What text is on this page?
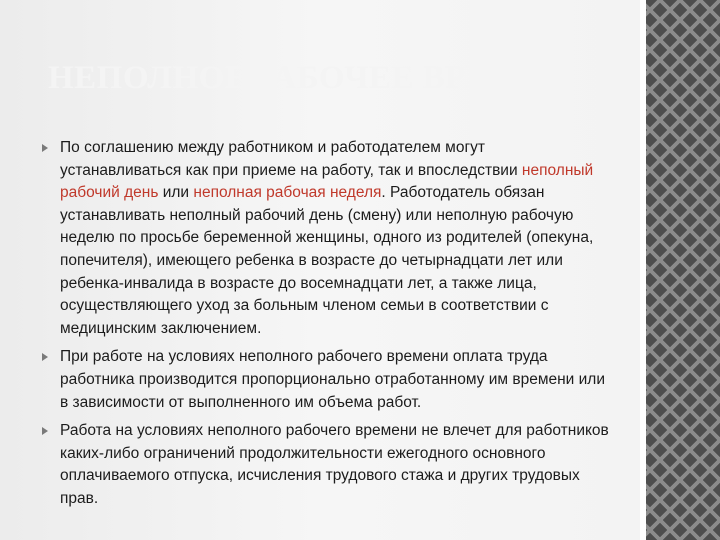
НЕПОЛНОЕ РАБОЧЕЕ ВРЕМЯ
По соглашению между работником и работодателем могут устанавливаться как при приеме на работу, так и впоследствии неполный рабочий день или неполная рабочая неделя. Работодатель обязан устанавливать неполный рабочий день (смену) или неполную рабочую неделю по просьбе беременной женщины, одного из родителей (опекуна, попечителя), имеющего ребенка в возрасте до четырнадцати лет или ребенка-инвалида в возрасте до восемнадцати лет, а также лица, осуществляющего уход за больным членом семьи в соответствии с медицинским заключением.
При работе на условиях неполного рабочего времени оплата труда работника производится пропорционально отработанному им времени или в зависимости от выполненного им объема работ.
Работа на условиях неполного рабочего времени не влечет для работников каких-либо ограничений продолжительности ежегодного основного оплачиваемого отпуска, исчисления трудового стажа и других трудовых прав.
